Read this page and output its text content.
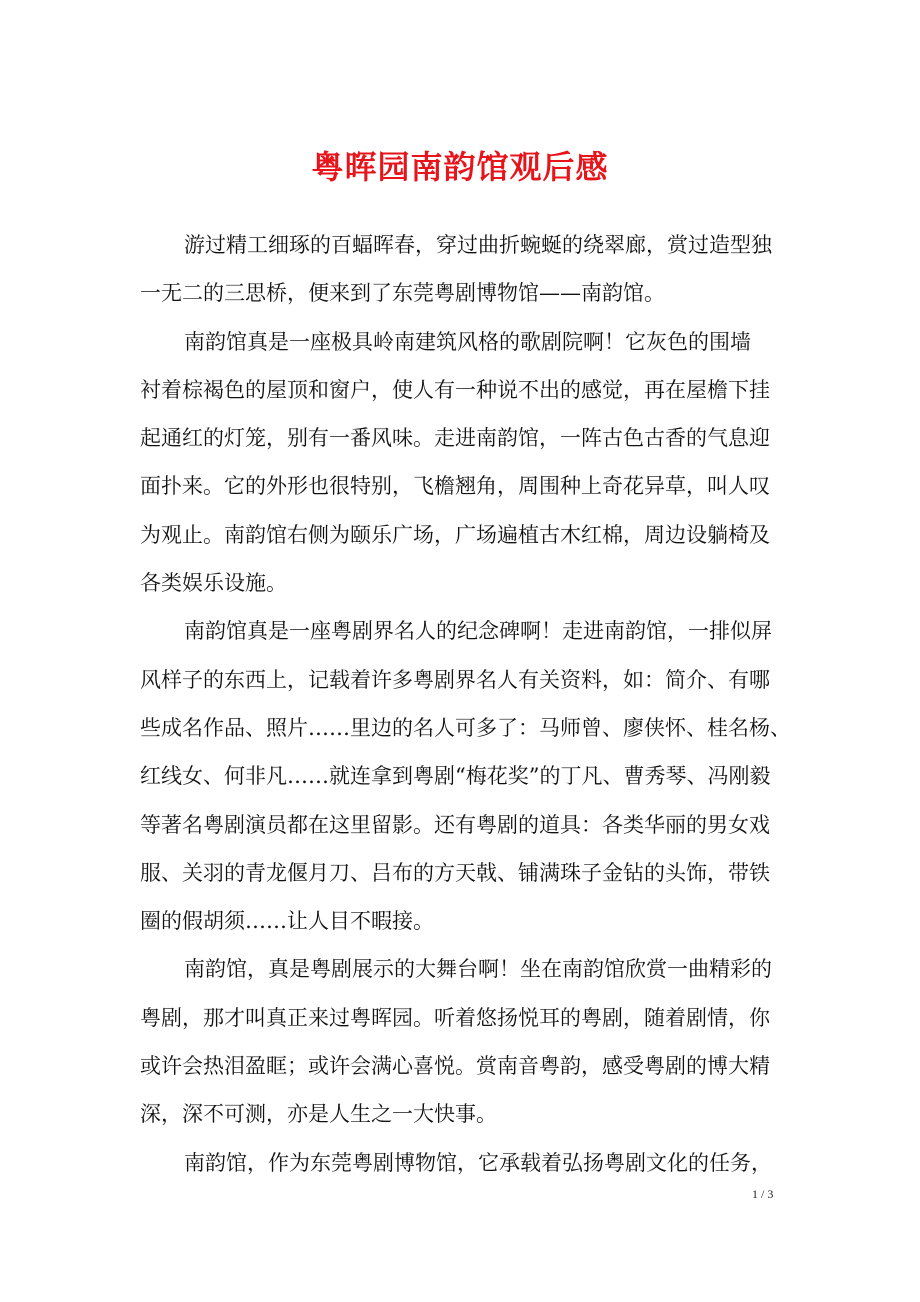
粤晖园南韵馆观后感
游过精工细琢的百蝠晖春，穿过曲折蜿蜒的绕翠廊，赏过造型独
一无二的三思桥，便来到了东莞粤剧博物馆——南韵馆。
南韵馆真是一座极具岭南建筑风格的歌剧院啊！它灰色的围墙
衬着棕褐色的屋顶和窗户，使人有一种说不出的感觉，再在屋檐下挂
起通红的灯笼，别有一番风味。走进南韵馆，一阵古色古香的气息迎
面扑来。它的外形也很特别，飞檐翘角，周围种上奇花异草，叫人叹
为观止。南韵馆右侧为颐乐广场，广场遍植古木红棉，周边设躺椅及
各类娱乐设施。
南韵馆真是一座粤剧界名人的纪念碑啊！走进南韵馆，一排似屏
风样子的东西上，记载着许多粤剧界名人有关资料，如：简介、有哪
些成名作品、照片……里边的名人可多了：马师曾、廖侠怀、桂名杨、
红线女、何非凡……就连拿到粤剧“梅花奖”的丁凡、曹秀琴、冯刚毅
等著名粤剧演员都在这里留影。还有粤剧的道具：各类华丽的男女戏
服、关羽的青龙偃月刀、吕布的方天戟、铺满珠子金钻的头饰，带铁
圈的假胡须……让人目不暇接。
南韵馆，真是粤剧展示的大舞台啊！坐在南韵馆欣赏一曲精彩的
粤剧，那才叫真正来过粤晖园。听着悠扬悦耳的粤剧，随着剧情，你
或许会热泪盈眶；或许会满心喜悦。赏南音粤韵，感受粤剧的博大精
深，深不可测，亦是人生之一大快事。
南韵馆，作为东莞粤剧博物馆，它承载着弘扬粤剧文化的任务，
1 / 3
